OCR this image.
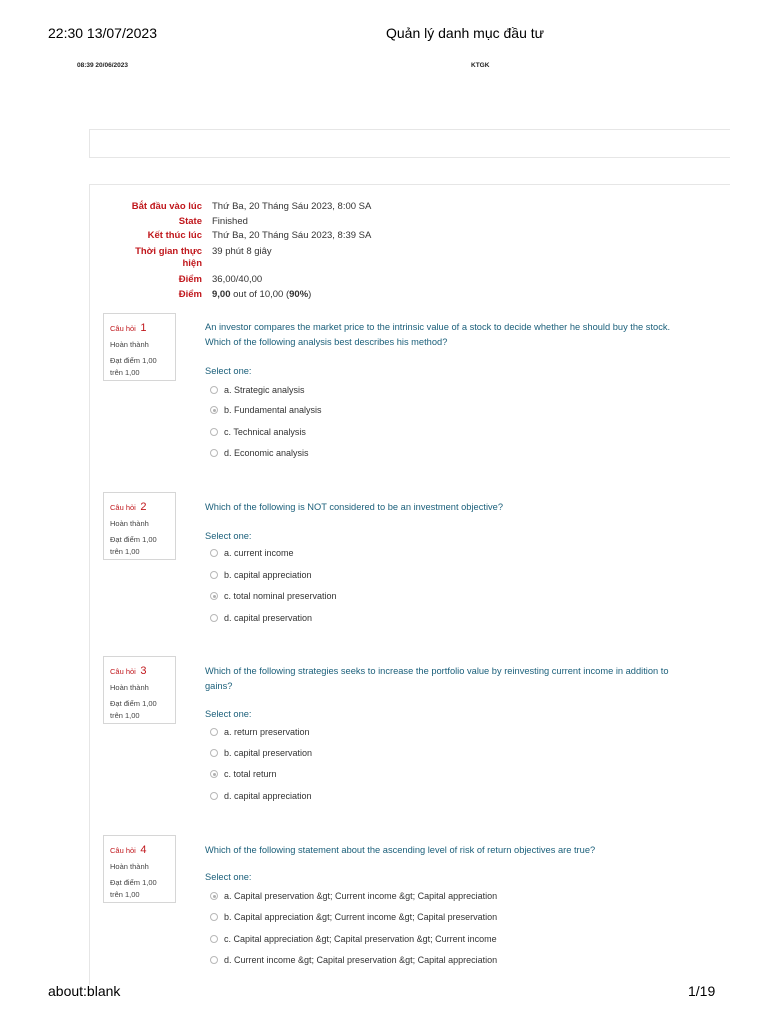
22:30 13/07/2023	Quản lý danh mục đầu tư
08:39 20/06/2023	KTGK
Bắt đầu vào lúc Thứ Ba, 20 Tháng Sáu 2023, 8:00 SA
State Finished
Kết thúc lúc Thứ Ba, 20 Tháng Sáu 2023, 8:39 SA
Thời gian thực
hiện
39 phút 8 giây
Điểm 36,00/40,00
Điểm 9,00 out of 10,00 (90%)
Câu hỏi 1
Hoàn thành
Đạt điểm 1,00
trên 1,00
An investor compares the market price to the intrinsic value of a stock to decide whether he should buy the stock.
Which of the following analysis best describes his method?
Select one:
a. Strategic analysis
b. Fundamental analysis
c. Technical analysis
d. Economic analysis
Câu hỏi 2
Hoàn thành
Đạt điểm 1,00
trên 1,00
Which of the following is NOT considered to be an investment objective?
Select one:
a. current income
b. capital appreciation
c. total nominal preservation
d. capital preservation
Câu hỏi 3
Hoàn thành
Đạt điểm 1,00
trên 1,00
Which of the following strategies seeks to increase the portfolio value by reinvesting current income in addition to
gains?
Select one:
a. return preservation
b. capital preservation
c. total return
d. capital appreciation
Câu hỏi 4
Hoàn thành
Đạt điểm 1,00
trên 1,00
Which of the following statement about the ascending level of risk of return objectives are true?
Select one:
a. Capital preservation &gt; Current income &gt; Capital appreciation
b. Capital appreciation &gt; Current income &gt; Capital preservation
c. Capital appreciation &gt; Capital preservation &gt; Current income
d. Current income &gt; Capital preservation &gt; Capital appreciation
about:blank	1/19
